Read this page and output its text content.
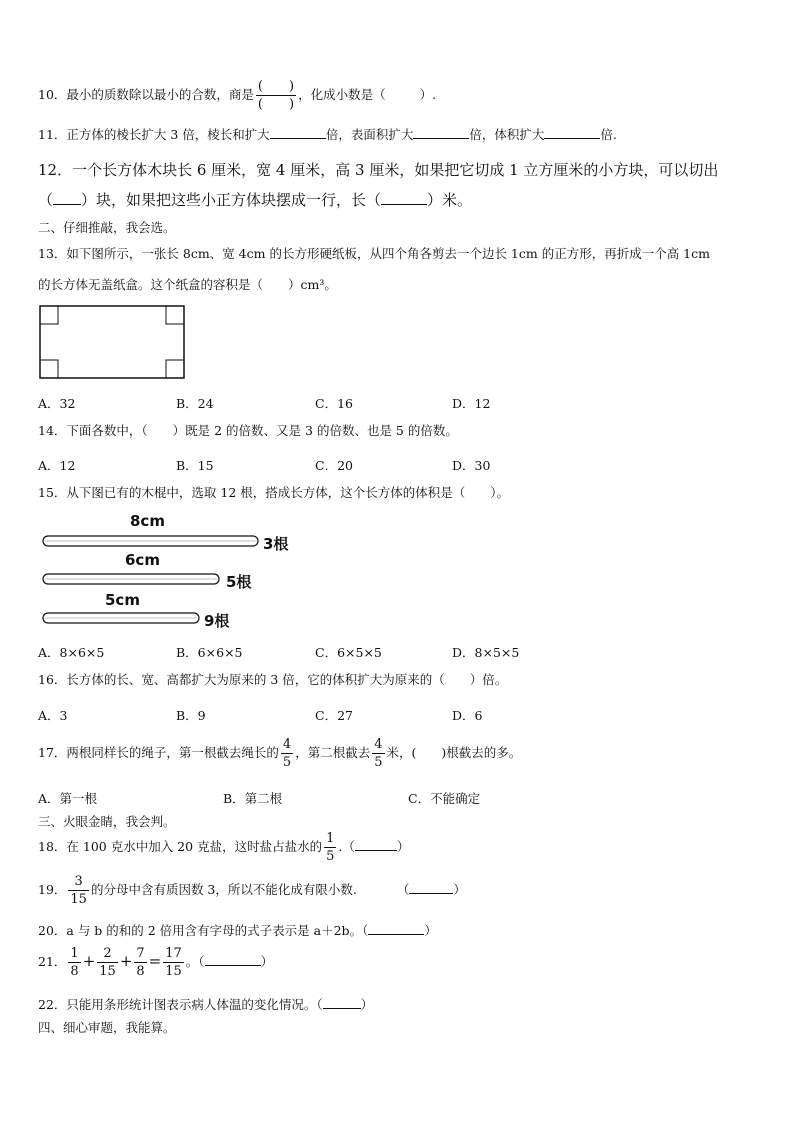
10．最小的质数除以最小的合数，商是 $\frac{( )}{( )}$ ，化成小数是（	）.
11．正方体的棱长扩大 3 倍，棱长和扩大	倍，表面积扩大	倍，体积扩大	倍.
12．一个长方体木块长 6 厘米，宽 4 厘米，高 3 厘米，如果把它切成 1 立方厘米的小方块，可以切出
（ ）块，如果把这些小正方体块摆成一行，长（	）米。
二、仔细推敲，我会选。
13．如下图所示，一张长 8cm、宽 4cm 的长方形硬纸板，从四个角各剪去一个边长 1cm 的正方形，再折成一个高 1cm
的长方体无盖纸盒。这个纸盒的容积是（　　）cm³。
A．32	B．24	C．16	D．12
14．下面各数中，（　　）既是 2 的倍数、又是 3 的倍数、也是 5 的倍数。
A．12	B．15	C．20	D．30
15．从下图已有的木棍中，选取 12 根，搭成长方体，这个长方体的体积是（　　）。
8cm
3根
6cm
5根
5cm
9根
A．8×6×5	B．6×6×5	C．6×5×5	D．8×5×5
16．长方体的长、宽、高都扩大为原来的 3 倍，它的体积扩大为原来的（　　）倍。
A．3	B．9	C．27	D．6
17．两根同样长的绳子，第一根截去绳长的 $\frac{4}{5}$ ，第二根截去 $\frac{4}{5}$ 米，(　　)根截去的多。
A．第一根	B．第二根	C．不能确定
三、火眼金睛，我会判。
18．在 100 克水中加入 20 克盐，这时盐占盐水的 $\frac{1}{5}$ .（	）
19． $\frac{3}{15}$ 的分母中含有质因数 3，所以不能化成有限小数.	（	）
20．a 与 b 的和的 2 倍用含有字母的式子表示是 a＋2b。（	）
21． $\frac{1}{8} + \frac{2}{15} + \frac{7}{8} = \frac{17}{15}$ 。（	）
22．只能用条形统计图表示病人体温的变化情况。（	）
四、细心审题，我能算。
